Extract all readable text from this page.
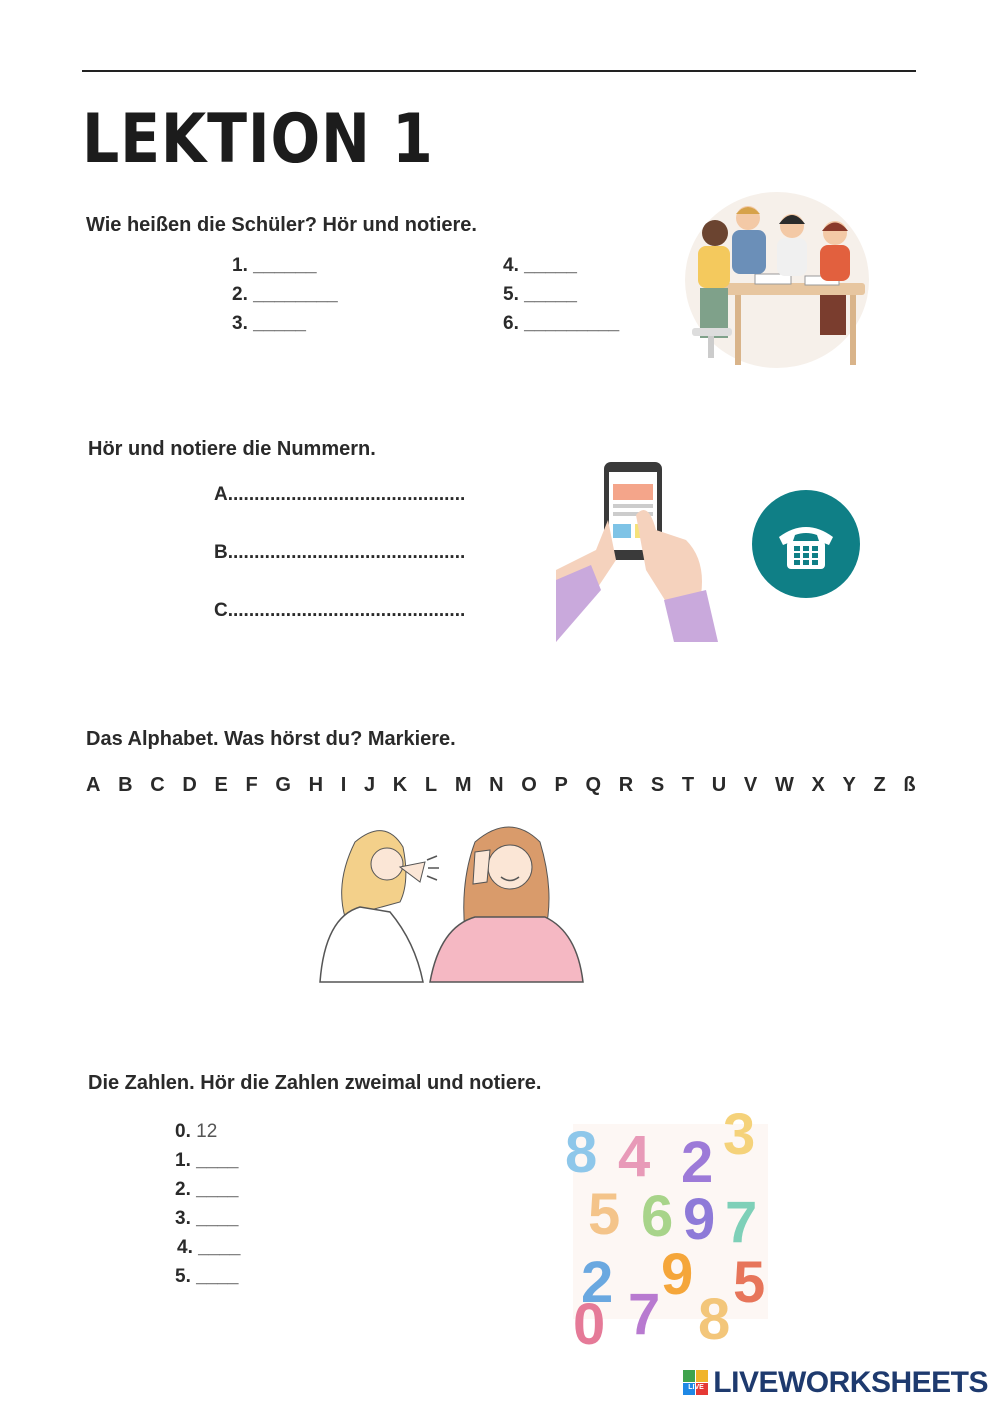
LEKTION 1
Wie heißen die Schüler? Hör und notiere.
1. ______
2. ________
3. _____
4. _____
5. _____
6. _________
Hör und notiere die Nummern.
A.............................................
B.............................................
C.............................................
Das Alphabet. Was hörst du? Markiere.
A B C D E F G H I J K L M N O P Q R S T U V W X Y Z ß
Die Zahlen. Hör die Zahlen zweimal und notiere.
0. 12
1. ____
2. ____
3. ____
4. ____
5. ____
8 4 2 3
5 6 9 7
2 9 5
7
0 8
LIVE LIVEWORKSHEETS
